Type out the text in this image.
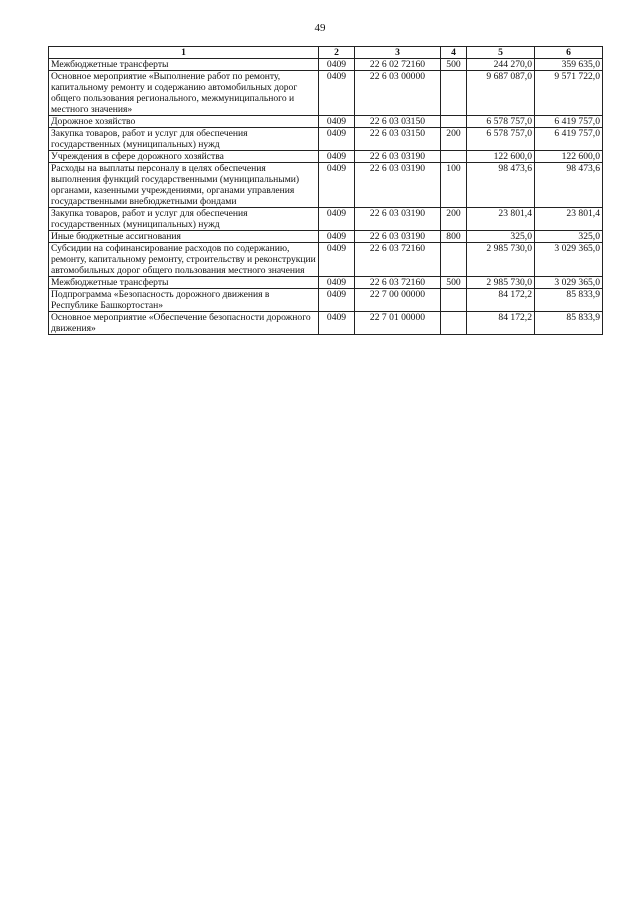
49
1	2	3	4	5	6
Межбюджетные трансферты	0409	22 6 02 72160	500	244 270,0	359 635,0
Основное мероприятие «Выполнение работ по ремонту, капитальному ремонту и содержанию автомобильных дорог общего пользования регионального, межмуниципального и местного значения»	0409	22 6 03 00000		9 687 087,0	9 571 722,0
Дорожное хозяйство	0409	22 6 03 03150		6 578 757,0	6 419 757,0
Закупка товаров, работ и услуг для обеспечения государственных (муниципальных) нужд	0409	22 6 03 03150	200	6 578 757,0	6 419 757,0
Учреждения в сфере дорожного хозяйства	0409	22 6 03 03190		122 600,0	122 600,0
Расходы на выплаты персоналу в целях обеспечения выполнения функций государственными (муниципальными) органами, казенными учреждениями, органами управления государственными внебюджетными фондами	0409	22 6 03 03190	100	98 473,6	98 473,6
Закупка товаров, работ и услуг для обеспечения государственных (муниципальных) нужд	0409	22 6 03 03190	200	23 801,4	23 801,4
Иные бюджетные ассигнования	0409	22 6 03 03190	800	325,0	325,0
Субсидии на софинансирование расходов по содержанию, ремонту, капитальному ремонту, строительству и реконструкции автомобильных дорог общего пользования местного значения	0409	22 6 03 72160		2 985 730,0	3 029 365,0
Межбюджетные трансферты	0409	22 6 03 72160	500	2 985 730,0	3 029 365,0
Подпрограмма «Безопасность дорожного движения в Республике Башкортостан»	0409	22 7 00 00000		84 172,2	85 833,9
Основное мероприятие «Обеспечение безопасности дорожного движения»	0409	22 7 01 00000		84 172,2	85 833,9
